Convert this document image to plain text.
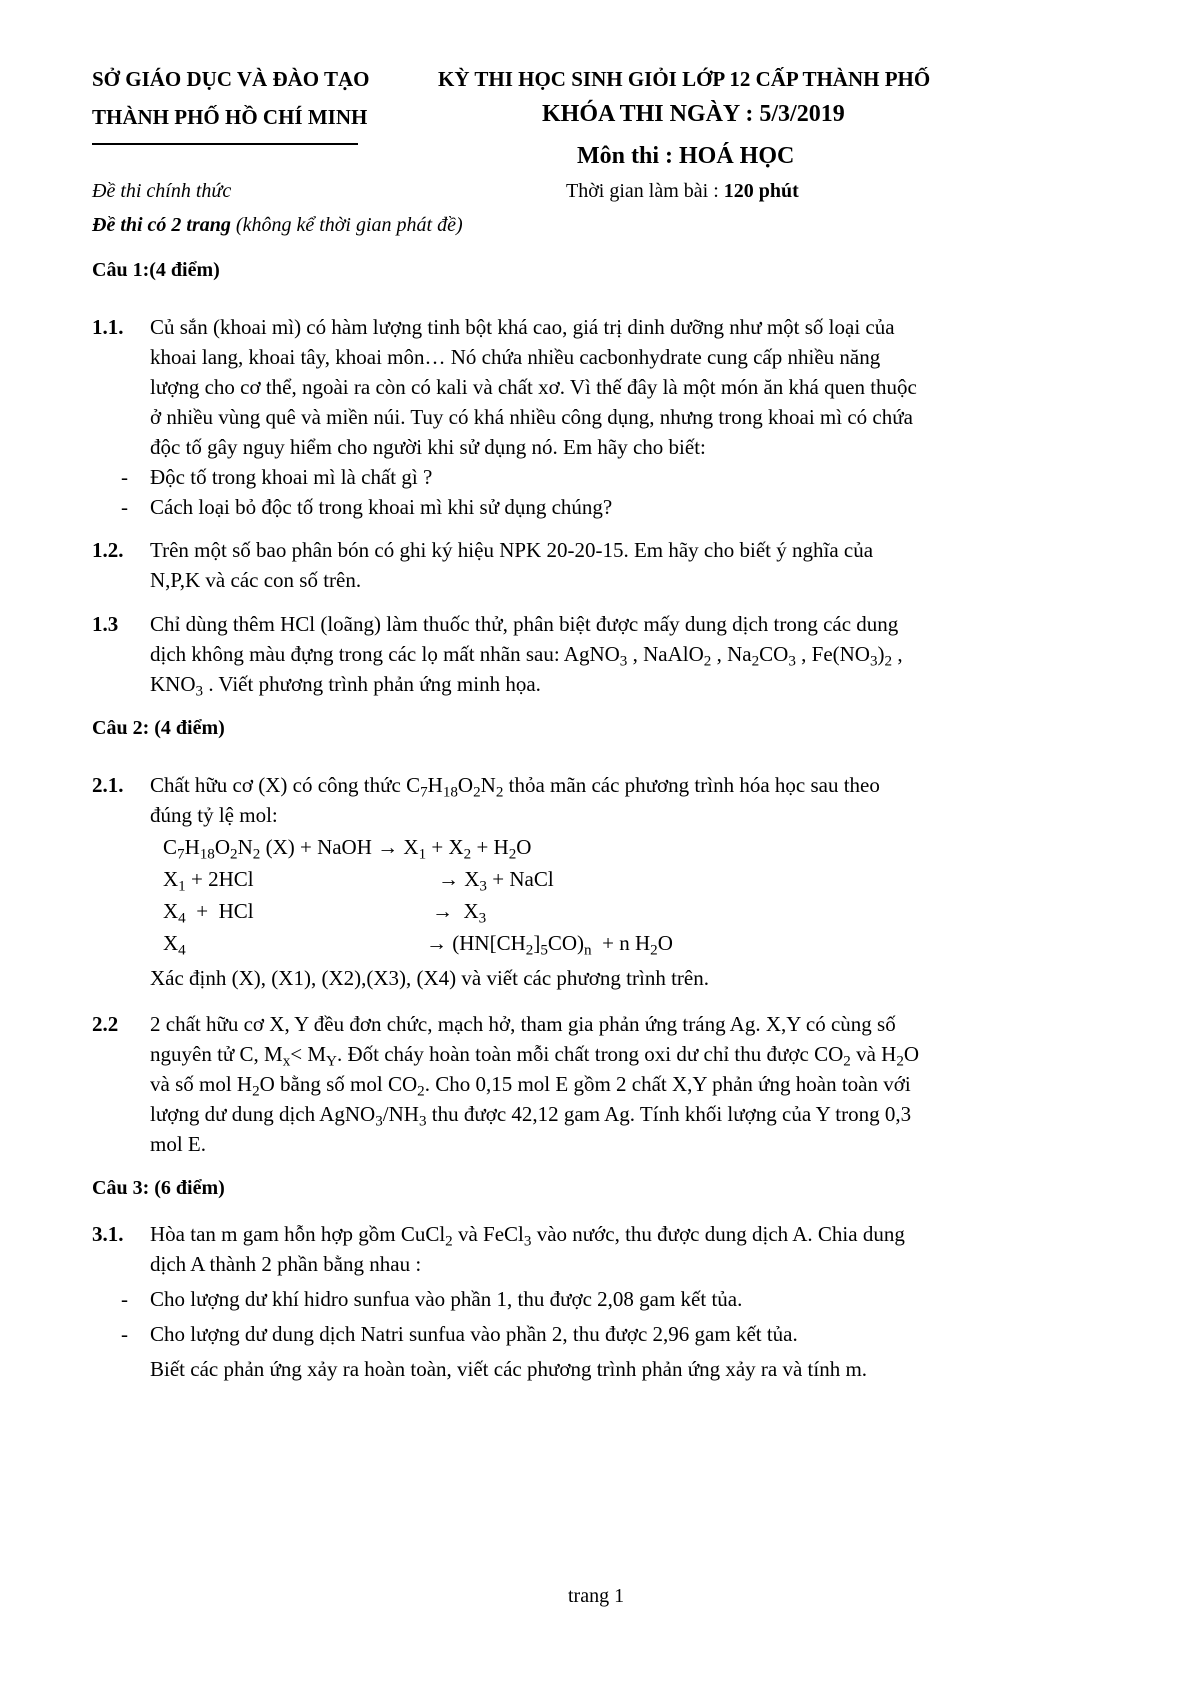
SỞ GIÁO DỤC VÀ ĐÀO TẠO
THÀNH PHỐ HỒ CHÍ MINH
KỲ THI HỌC SINH GIỎI LỚP 12 CẤP THÀNH PHỐ
KHÓA THI NGÀY : 5/3/2019
Môn thi : HOÁ HỌC
Đề thi chính thức	Thời gian làm bài : 120 phút
Đề thi có 2 trang (không kể thời gian phát đề)
Câu 1:(4 điểm)
1.1. Củ sắn (khoai mì) có hàm lượng tinh bột khá cao, giá trị dinh dưỡng như một số loại của
khoai lang, khoai tây, khoai môn… Nó chứa nhiều cacbonhydrate cung cấp nhiều năng
lượng cho cơ thể, ngoài ra còn có kali và chất xơ. Vì thế đây là một món ăn khá quen thuộc
ở nhiều vùng quê và miền núi. Tuy có khá nhiều công dụng, nhưng trong khoai mì có chứa
độc tố gây nguy hiểm cho người khi sử dụng nó. Em hãy cho biết:
- Độc tố trong khoai mì là chất gì ?
- Cách loại bỏ độc tố trong khoai mì khi sử dụng chúng?
1.2. Trên một số bao phân bón có ghi ký hiệu NPK 20-20-15. Em hãy cho biết ý nghĩa của
N,P,K và các con số trên.
1.3 Chỉ dùng thêm HCl (loãng) làm thuốc thử, phân biệt được mấy dung dịch trong các dung
dịch không màu đựng trong các lọ mất nhãn sau: AgNO$_3$ , NaAlO$_2$ , $Na_2CO_3$ , $Fe(NO_3)_2$ ,
$KNO_3$ . Viết phương trình phản ứng minh họa.
Câu 2: (4 điểm)
2.1. Chất hữu cơ (X) có công thức $C_7H_{18}O_2N_2$ thỏa mãn các phương trình hóa học sau theo
đúng tỷ lệ mol:
$C_7H_{18}O_2N_2$ (X) + NaOH → $X_1 + X_2 + H_2O$
$X_1 + 2HCl$	→ $X_3$ + NaCl
$X_4$  +  HCl	→  $X_3$
$X_4$	→ $(HN[CH_2]_5CO)_n + n$ $H_2O$
Xác định (X), (X1), (X2),(X3), (X4) và viết các phương trình trên.
2.2 2 chất hữu cơ X, Y đều đơn chức, mạch hở, tham gia phản ứng tráng Ag. X,Y có cùng số
nguyên tử C, $M_x< M_Y$. Đốt cháy hoàn toàn mỗi chất trong oxi dư chỉ thu được $CO_2$ và $H_2O$
và số mol $H_2O$ bằng số mol $CO_2$. Cho 0,15 mol E gồm 2 chất X,Y phản ứng hoàn toàn với
lượng dư dung dịch $AgNO_3/NH_3$ thu được 42,12 gam Ag. Tính khối lượng của Y trong 0,3
mol E.
Câu 3: (6 điểm)
3.1. Hòa tan m gam hỗn hợp gồm CuCl$_2$ và FeCl$_3$ vào nước, thu được dung dịch A. Chia dung
dịch A thành 2 phần bằng nhau :
- Cho lượng dư khí hidro sunfua vào phần 1, thu được 2,08 gam kết tủa.
- Cho lượng dư dung dịch Natri sunfua vào phần 2, thu được 2,96 gam kết tủa.
Biết các phản ứng xảy ra hoàn toàn, viết các phương trình phản ứng xảy ra và tính m.
trang 1
